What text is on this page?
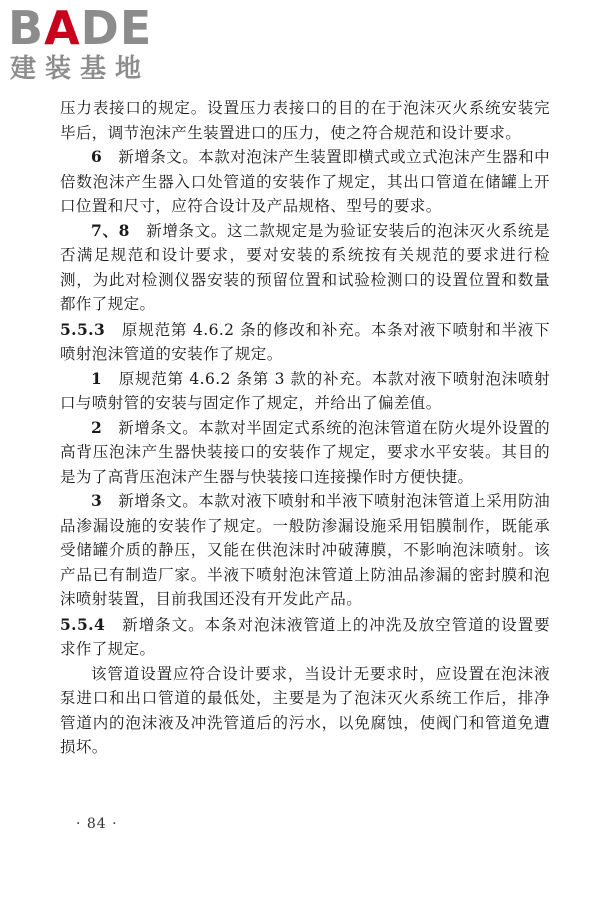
BADE
建装基地

压力表接口的规定。设置压力表接口的目的在于泡沫灭火系统安装完毕后，调节泡沫产生装置进口的压力，使之符合规范和设计要求。

6　 新增条文。本款对泡沫产生装置即横式或立式泡沫产生器和中倍数泡沫产生器入口处管道的安装作了规定，其出口管道在储罐上开口位置和尺寸，应符合设计及产品规格、型号的要求。

7、8　 新增条文。这二款规定是为验证安装后的泡沫灭火系统是否满足规范和设计要求，要对安装的系统按有关规范的要求进行检测，为此对检测仪器安装的预留位置和试验检测口的设置位置和数量都作了规定。

5.5.3　 原规范第 4.6.2 条的修改和补充。本条对液下喷射和半液下喷射泡沫管道的安装作了规定。

1　 原规范第 4.6.2 条第 3 款的补充。本款对液下喷射泡沫喷射口与喷射管的安装与固定作了规定，并给出了偏差值。

2　 新增条文。本款对半固定式系统的泡沫管道在防火堤外设置的高背压泡沫产生器快装接口的安装作了规定，要求水平安装。其目的是为了高背压泡沫产生器与快装接口连接操作时方便快捷。

3　 新增条文。本款对液下喷射和半液下喷射泡沫管道上采用防油品渗漏设施的安装作了规定。一般防渗漏设施采用铝膜制作，既能承受储罐介质的静压，又能在供泡沫时冲破薄膜，不影响泡沫喷射。该产品已有制造厂家。半液下喷射泡沫管道上防油品渗漏的密封膜和泡沫喷射装置，目前我国还没有开发此产品。

5.5.4　 新增条文。本条对泡沫液管道上的冲洗及放空管道的设置要求作了规定。

该管道设置应符合设计要求，当设计无要求时，应设置在泡沫液泵进口和出口管道的最低处，主要是为了泡沫灭火系统工作后，排净管道内的泡沫液及冲洗管道后的污水，以免腐蚀，使阀门和管道免遭损坏。

· 84 ·
